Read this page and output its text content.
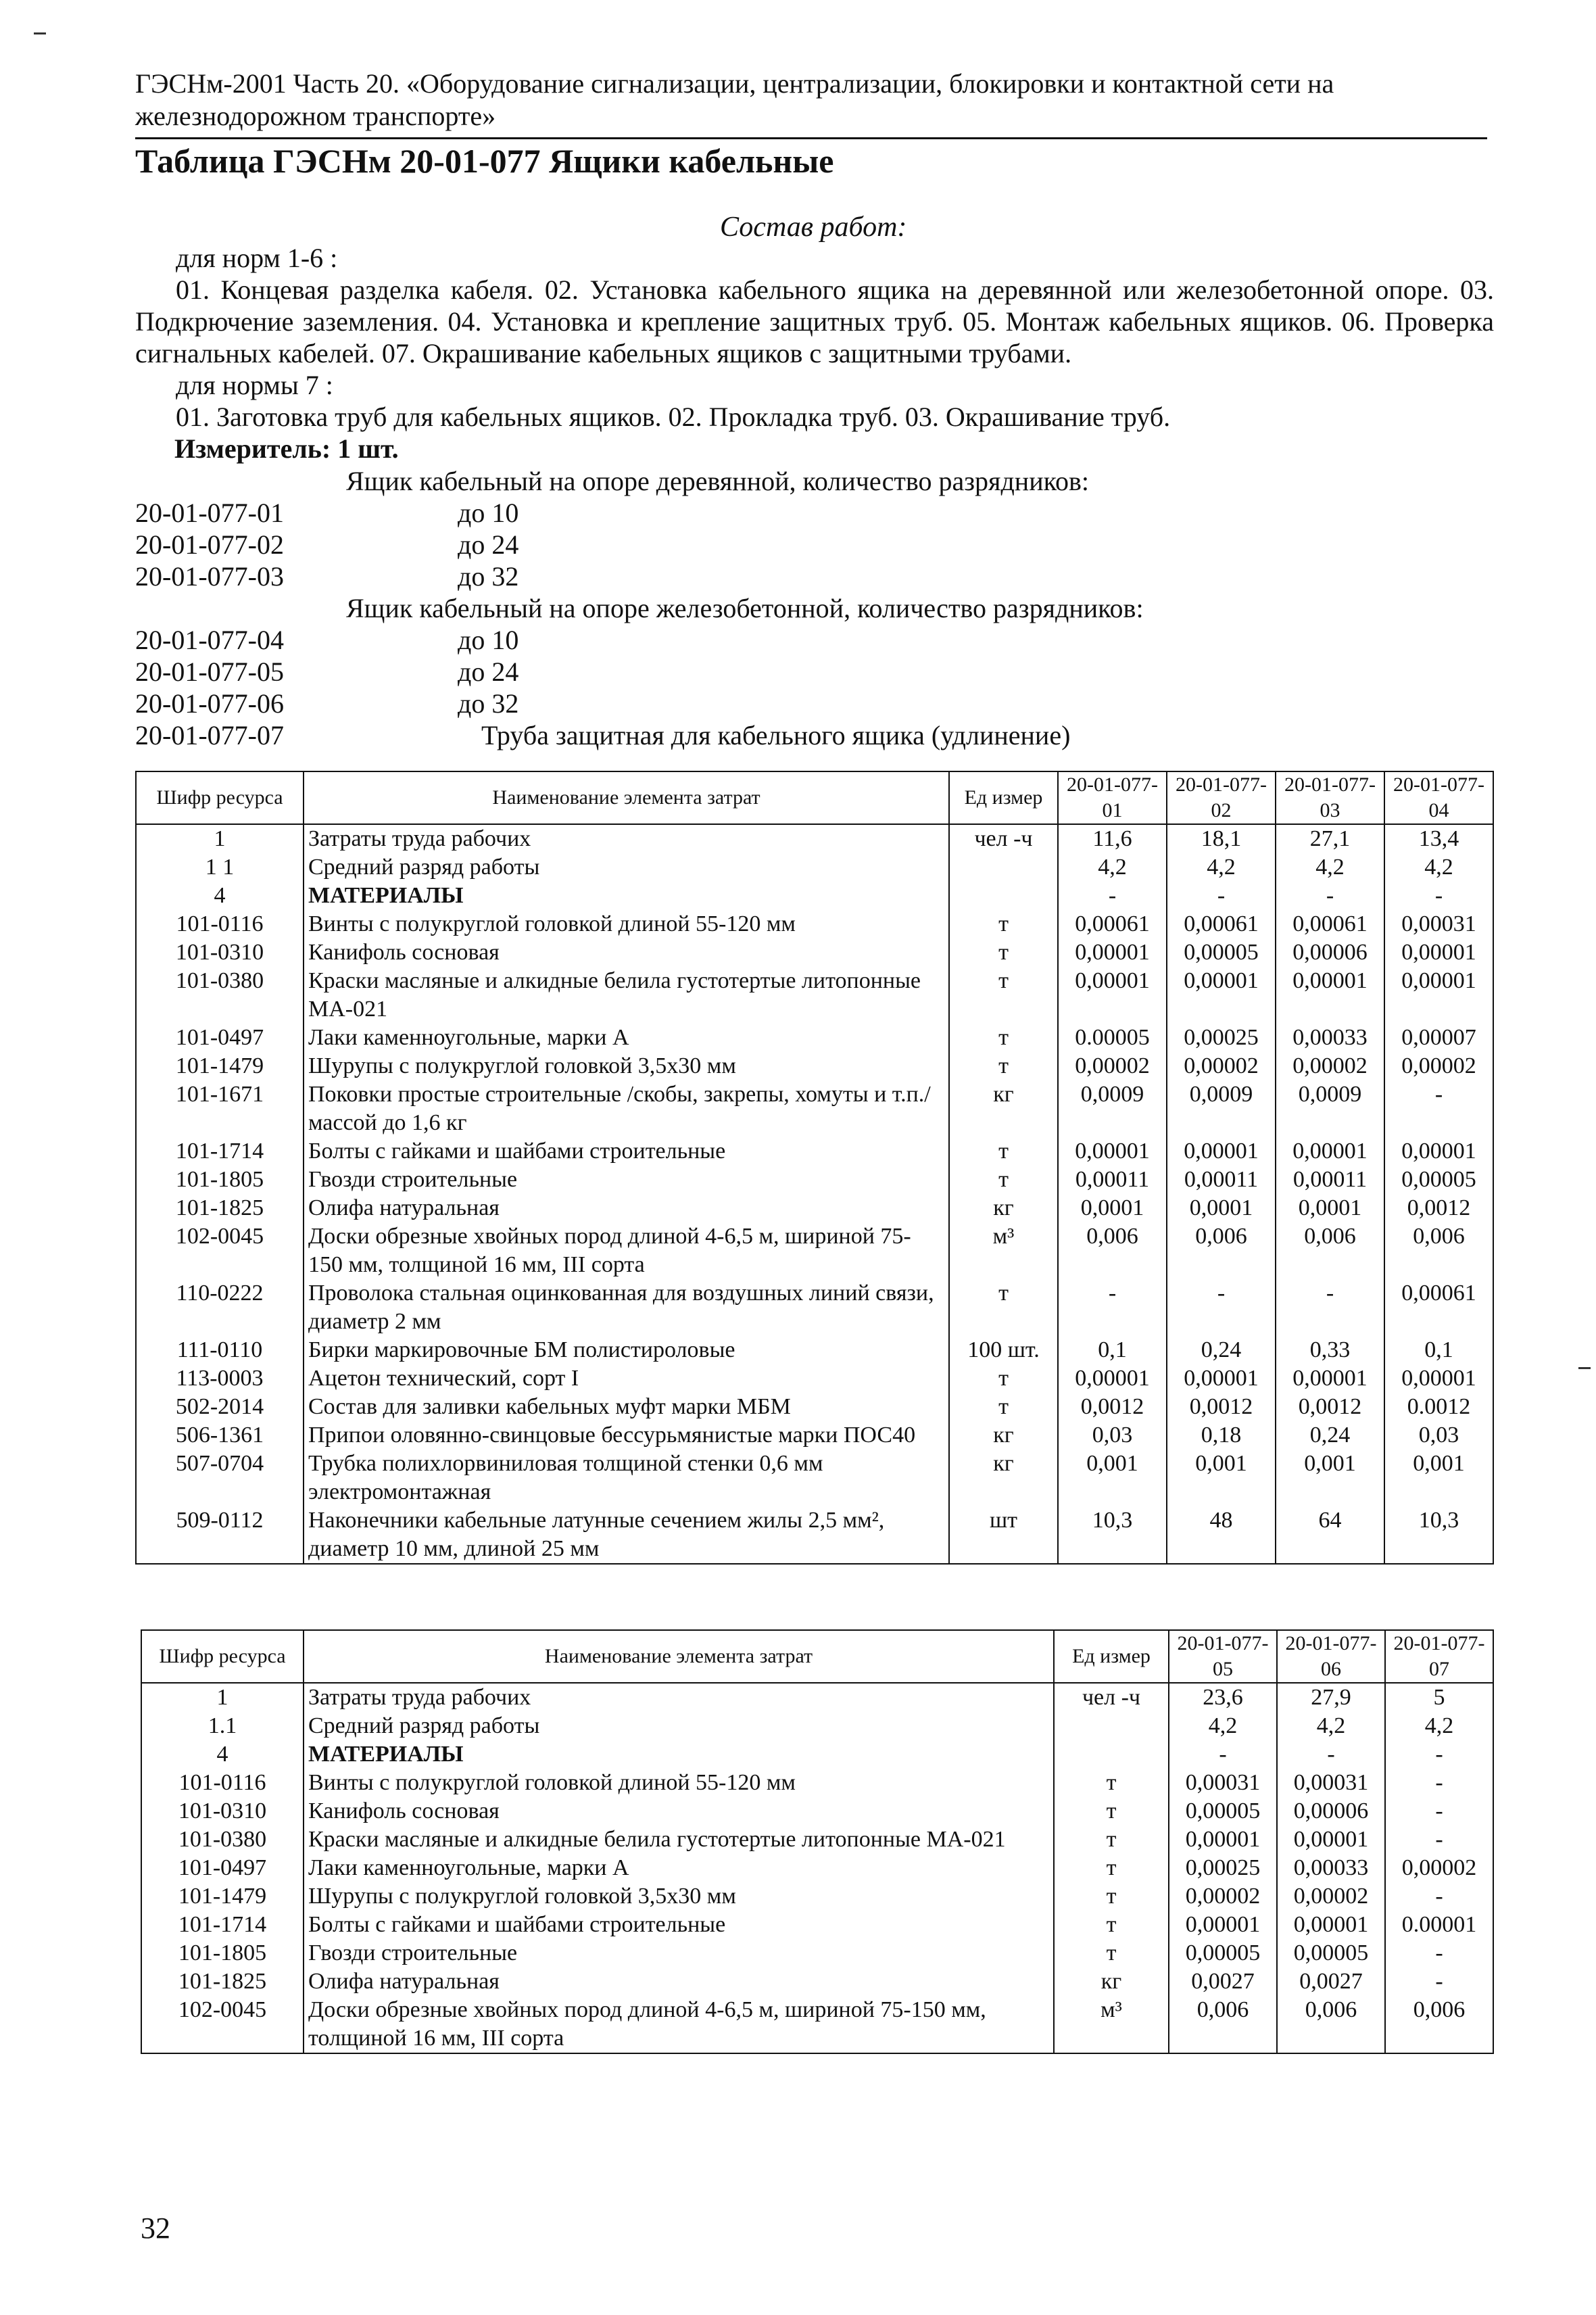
ГЭСНм-2001 Часть 20. «Оборудование сигнализации, централизации, блокировки и контактной сети на железнодорожном транспорте»
Таблица ГЭСНм 20-01-077 Ящики кабельные
Состав работ:
для норм 1-6 :
01. Концевая разделка кабеля. 02. Установка кабельного ящика на деревянной или железобетонной опоре. 03. Подкрючение заземления. 04. Установка и крепление защитных труб. 05. Монтаж кабельных ящиков. 06. Проверка сигнальных кабелей. 07. Окрашивание кабельных ящиков с защитными трубами.
для нормы 7 :
01. Заготовка труб для кабельных ящиков. 02. Прокладка труб. 03. Окрашивание труб.
Измеритель: 1 шт.
Ящик кабельный на опоре деревянной, количество разрядников:
20-01-077-01	до 10
20-01-077-02	до 24
20-01-077-03	до 32
Ящик кабельный на опоре железобетонной, количество разрядников:
20-01-077-04	до 10
20-01-077-05	до 24
20-01-077-06	до 32
20-01-077-07	Труба защитная для кабельного ящика (удлинение)
Шифр ресурса	Наименование элемента затрат	Ед измер	20-01-077-01	20-01-077-02	20-01-077-03	20-01-077-04
1	Затраты труда рабочих	чел -ч	11,6	18,1	27,1	13,4
1 1	Средний разряд работы		4,2	4,2	4,2	4,2
4	МАТЕРИАЛЫ		-	-	-	-
101-0116	Винты с полукруглой головкой длиной 55-120 мм	т	0,00061	0,00061	0,00061	0,00031
101-0310	Канифоль сосновая	т	0,00001	0,00005	0,00006	0,00001
101-0380	Краски масляные и алкидные белила густотертые литопонные МА-021	т	0,00001	0,00001	0,00001	0,00001
101-0497	Лаки каменноугольные, марки А	т	0.00005	0,00025	0,00033	0,00007
101-1479	Шурупы с полукруглой головкой 3,5x30 мм	т	0,00002	0,00002	0,00002	0,00002
101-1671	Поковки простые строительные /скобы, закрепы, хомуты и т.п./ массой до 1,6 кг	кг	0,0009	0,0009	0,0009	-
101-1714	Болты с гайками и шайбами строительные	т	0,00001	0,00001	0,00001	0,00001
101-1805	Гвозди строительные	т	0,00011	0,00011	0,00011	0,00005
101-1825	Олифа натуральная	кг	0,0001	0,0001	0,0001	0,0012
102-0045	Доски обрезные хвойных пород длиной 4-6,5 м, шириной 75-150 мм, толщиной 16 мм, III сорта	м³	0,006	0,006	0,006	0,006
110-0222	Проволока стальная оцинкованная для воздушных линий связи, диаметр 2 мм	т	-	-	-	0,00061
111-0110	Бирки маркировочные БМ полистироловые	100 шт.	0,1	0,24	0,33	0,1
113-0003	Ацетон технический, сорт I	т	0,00001	0,00001	0,00001	0,00001
502-2014	Состав для заливки кабельных муфт марки МБМ	т	0,0012	0,0012	0,0012	0.0012
506-1361	Припои оловянно-свинцовые бессурьмянистые марки ПОС40	кг	0,03	0,18	0,24	0,03
507-0704	Трубка полихлорвиниловая толщиной стенки 0,6 мм электромонтажная	кг	0,001	0,001	0,001	0,001
509-0112	Наконечники кабельные латунные сечением жилы 2,5 мм², диаметр 10 мм, длиной 25 мм	шт	10,3	48	64	10,3
Шифр ресурса	Наименование элемента затрат	Ед измер	20-01-077-05	20-01-077-06	20-01-077-07
1	Затраты труда рабочих	чел -ч	23,6	27,9	5
1.1	Средний разряд работы		4,2	4,2	4,2
4	МАТЕРИАЛЫ		-	-	-
101-0116	Винты с полукруглой головкой длиной 55-120 мм	т	0,00031	0,00031	-
101-0310	Канифоль сосновая	т	0,00005	0,00006	-
101-0380	Краски масляные и алкидные белила густотертые литопонные МА-021	т	0,00001	0,00001	-
101-0497	Лаки каменноугольные, марки А	т	0,00025	0,00033	0,00002
101-1479	Шурупы с полукруглой головкой 3,5x30 мм	т	0,00002	0,00002	-
101-1714	Болты с гайками и шайбами строительные	т	0,00001	0,00001	0.00001
101-1805	Гвозди строительные	т	0,00005	0,00005	-
101-1825	Олифа натуральная	кг	0,0027	0,0027	-
102-0045	Доски обрезные хвойных пород длиной 4-6,5 м, шириной 75-150 мм, толщиной 16 мм, III сорта	м³	0,006	0,006	0,006
32
